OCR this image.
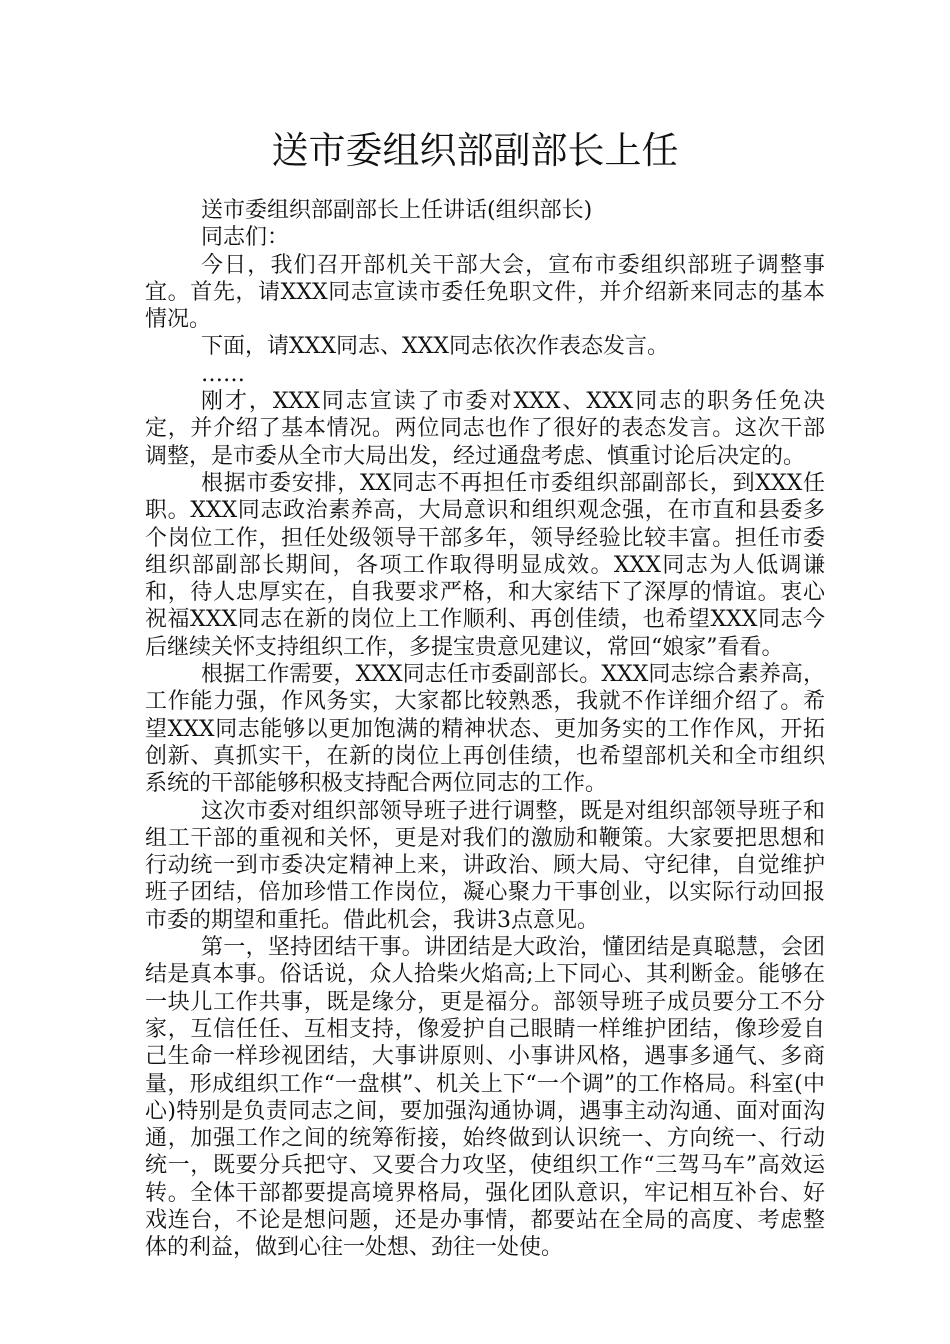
送市委组织部副部长上任

送市委组织部副部长上任讲话(组织部长)

同志们：

今日，我们召开部机关干部大会，宣布市委组织部班子调整事宜。首先，请XXX同志宣读市委任免职文件，并介绍新来同志的基本情况。

下面，请XXX同志、XXX同志依次作表态发言。

……

刚才，XXX同志宣读了市委对XXX、XXX同志的职务任免决定，并介绍了基本情况。两位同志也作了很好的表态发言。这次干部调整，是市委从全市大局出发，经过通盘考虑、慎重讨论后决定的。

根据市委安排，XX同志不再担任市委组织部副部长，到XXX任职。XXX同志政治素养高，大局意识和组织观念强，在市直和县委多个岗位工作，担任处级领导干部多年，领导经验比较丰富。担任市委组织部副部长期间，各项工作取得明显成效。XXX同志为人低调谦和，待人忠厚实在，自我要求严格，和大家结下了深厚的情谊。衷心祝福XXX同志在新的岗位上工作顺利、再创佳绩，也希望XXX同志今后继续关怀支持组织工作，多提宝贵意见建议，常回“娘家”看看。

根据工作需要，XXX同志任市委副部长。XXX同志综合素养高，工作能力强，作风务实，大家都比较熟悉，我就不作详细介绍了。希望XXX同志能够以更加饱满的精神状态、更加务实的工作作风，开拓创新、真抓实干，在新的岗位上再创佳绩，也希望部机关和全市组织系统的干部能够积极支持配合两位同志的工作。

这次市委对组织部领导班子进行调整，既是对组织部领导班子和组工干部的重视和关怀，更是对我们的激励和鞭策。大家要把思想和行动统一到市委决定精神上来，讲政治、顾大局、守纪律，自觉维护班子团结，倍加珍惜工作岗位，凝心聚力干事创业，以实际行动回报市委的期望和重托。借此机会，我讲3点意见。

第一，坚持团结干事。讲团结是大政治，懂团结是真聪慧，会团结是真本事。俗话说，众人拾柴火焰高;上下同心、其利断金。能够在一块儿工作共事，既是缘分，更是福分。部领导班子成员要分工不分家，互信任任、互相支持，像爱护自己眼睛一样维护团结，像珍爱自己生命一样珍视团结，大事讲原则、小事讲风格，遇事多通气、多商量，形成组织工作“一盘棋”、机关上下“一个调”的工作格局。科室(中心)特别是负责同志之间，要加强沟通协调，遇事主动沟通、面对面沟通，加强工作之间的统筹衔接，始终做到认识统一、方向统一、行动统一，既要分兵把守、又要合力攻坚，使组织工作“三驾马车”高效运转。全体干部都要提高境界格局，强化团队意识，牢记相互补台、好戏连台，不论是想问题，还是办事情，都要站在全局的高度、考虑整体的利益，做到心往一处想、劲往一处使。
